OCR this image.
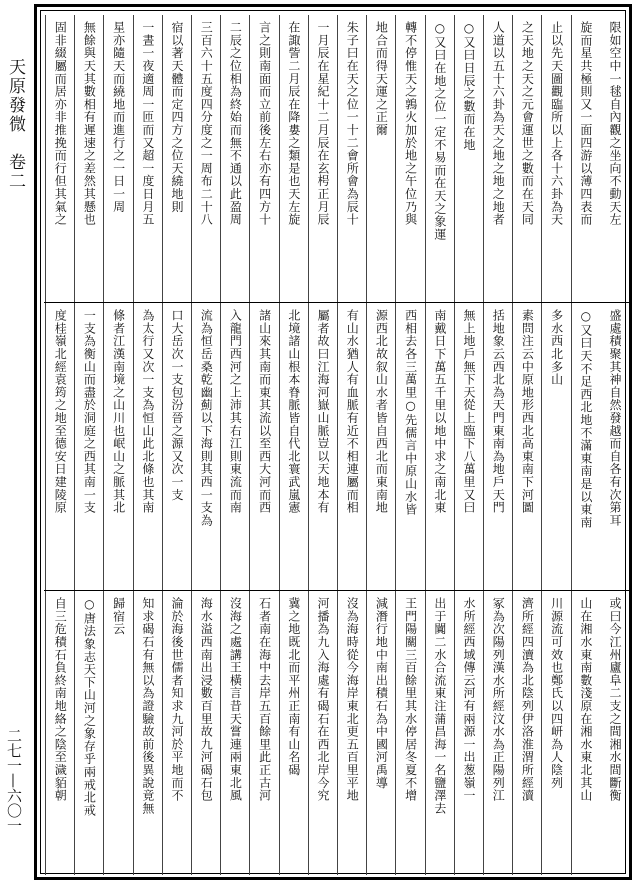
天原發微　卷二
二七一—六〇一
限如空中一毬自內觀之坐向不動天左
旋而星共極則又一面四游以薄四表而
止以先天圖觀臨所以上各十六卦為天
之天地之天之元會運世之數而在天同
人道以五十六卦為天之地之地之地者
○又曰日辰之數而在地
○又曰在地之位一定不易而在天之象運
轉不停惟天之鶉火加於地之午位乃與
地合而得天運之正爾
朱子曰在天之位一十二會所會為辰十
一月辰在星紀十二月辰在玄枵正月辰
在諏訾二月辰在降婁之類是也天左旋
言之則南面而立前後左右亦有四方十
二辰之位相為終始而無不通以此盈周
三百六十五度四分度之一周布二十八
宿以著天體而定四方之位天繞地則
一晝一夜適周一匝而又超一度日月五
星亦隨天而繞地而進行之一日一周
無餘與天其數相有遲速之差然其懸也
固非綴屬而居亦非推挽而行但其氣之
盛處積聚其神自然發越而自各有次第耳
○又曰天不足西北地不滿東南是以東南
多水西北多山
素問注云中原地形西北高東南下河圖
括地象云西北為天門東南為地戶天門
無上地戶無下天從上臨下八萬里又曰
南戴日下萬五千里以地中求之南北東
西相去各三萬里○先儒言中原山水皆
源西北故叙山水者皆自西北而東南地
有山水猶人有血脈有近不相連屬而相
屬者故曰江海河嶽山脈豈以天地本有
北境諸山根本脊脈皆自代北寰武嵐憲
諸山來其南而東其流以至西大河而西
入龍門西河之上沛其右江則東流而南
流為恒岳桑乾幽薊以下海則其西一支為
口大岳次一支包汾晉之源又次一支
為太行又次一支為恒山此北條也其南
條者江漢南境之山川也岷山之脈其北
一支為衡山而盡於洞庭之西其南一支
度桂嶺北經袁筠之地至德安日建陵原
或曰今江州廬阜二支之間湘水間斷衡
山在湘水東南數淺原在湘水東北其山
川源流可效也鄭氏以四岍為人陰列
濟所經四瀆為北陰列伊洛淮渭所經瀆
冢為次陽列漢水所經汶水為正陽列江
水所經西域傳云河有兩源一出葱嶺一
出于闐二水合流東注蒲昌海一名鹽澤去
王門陽關三百餘里其水停居冬夏不增
減潛行地中南出積石為中國河禹導
沒為海時從今海岸東北更五百里平地
河播為九入海處有碣石在西北岸今究
冀之地既北而平州正南有山名碣
石者南在海中去岸五百餘里此正古河
沒海之處講王橫言昔天嘗連兩東北風
海水溢西南出浸數百里故九河碣石包
淪於海後世儒者知求九河於平地而不
知求碣石有無以為證驗故前後異說竟無
歸宿云
○唐法象志天下山河之象存乎兩戒北戒
自三危積石負終南地絡之陰至濊貊朝
